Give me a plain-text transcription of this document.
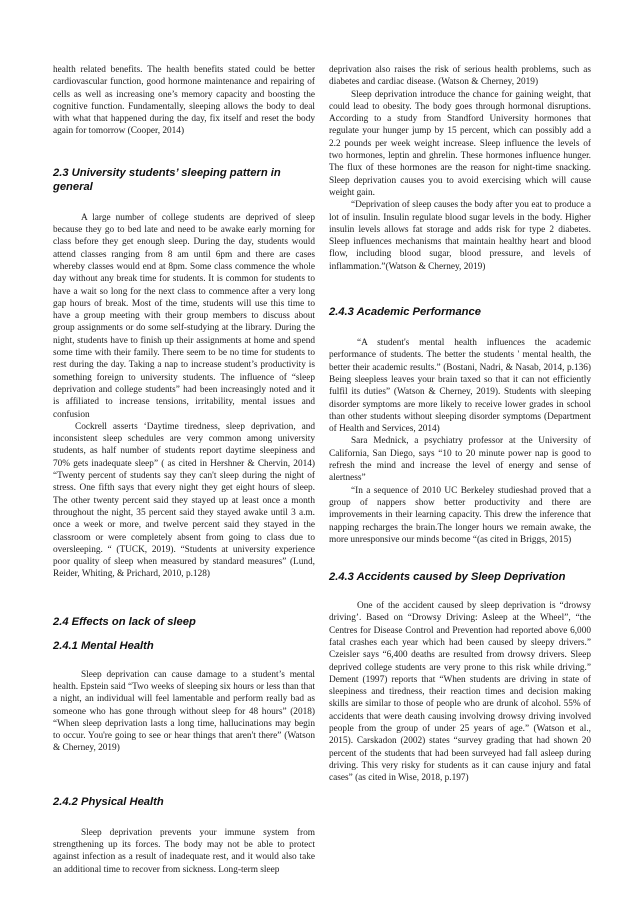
health related benefits. The health benefits stated could be better cardiovascular function, good hormone maintenance and repairing of cells as well as increasing one’s memory capacity and boosting the cognitive function. Fundamentally, sleeping allows the body to deal with what that happened during the day, fix itself and reset the body again for tomorrow (Cooper, 2014)

2.3 University students’ sleeping pattern in general

A large number of college students are deprived of sleep because they go to bed late and need to be awake early morning for class before they get enough sleep. During the day, students would attend classes ranging from 8 am until 6pm and there are cases whereby classes would end at 8pm. Some class commence the whole day without any break time for students. It is common for students to have a wait so long for the next class to commence after a very long gap hours of break. Most of the time, students will use this time to have a group meeting with their group members to discuss about group assignments or do some self-studying at the library. During the night, students have to finish up their assignments at home and spend some time with their family. There seem to be no time for students to rest during the day. Taking a nap to increase student’s productivity is something foreign to university students. The influence of “sleep deprivation and college students” had been increasingly noted and it is affiliated to increase tensions, irritability, mental issues and confusion

Cockrell asserts ‘Daytime tiredness, sleep deprivation, and inconsistent sleep schedules are very common among university students, as half number of students report daytime sleepiness and 70% gets inadequate sleep” ( as cited in Hershner & Chervin, 2014) “Twenty percent of students say they can't sleep during the night of stress. One fifth says that every night they get eight hours of sleep. The other twenty percent said they stayed up at least once a month throughout the night, 35 percent said they stayed awake until 3 a.m. once a week or more, and twelve percent said they stayed in the classroom or were completely absent from going to class due to oversleeping. “ (TUCK, 2019). “Students at university experience poor quality of sleep when measured by standard measures” (Lund, Reider, Whiting, & Prichard, 2010, p.128)

2.4 Effects on lack of sleep
2.4.1 Mental Health

Sleep deprivation can cause damage to a student’s mental health. Epstein said “Two weeks of sleeping six hours or less than that a night, an individual will feel lamentable and perform really bad as someone who has gone through without sleep for 48 hours” (2018) “When sleep deprivation lasts a long time, hallucinations may begin to occur. You're going to see or hear things that aren't there” (Watson & Cherney, 2019)

2.4.2 Physical Health

Sleep deprivation prevents your immune system from strengthening up its forces. The body may not be able to protect against infection as a result of inadequate rest, and it would also take an additional time to recover from sickness. Long-term sleep

deprivation also raises the risk of serious health problems, such as diabetes and cardiac disease. (Watson & Cherney, 2019)

Sleep deprivation introduce the chance for gaining weight, that could lead to obesity. The body goes through hormonal disruptions. According to a study from Standford University hormones that regulate your hunger jump by 15 percent, which can possibly add a 2.2 pounds per week weight increase. Sleep influence the levels of two hormones, leptin and ghrelin. These hormones influence hunger. The flux of these hormones are the reason for night-time snacking. Sleep deprivation causes you to avoid exercising which will cause weight gain.

“Deprivation of sleep causes the body after you eat to produce a lot of insulin. Insulin regulate blood sugar levels in the body. Higher insulin levels allows fat storage and adds risk for type 2 diabetes. Sleep influences mechanisms that maintain healthy heart and blood flow, including blood sugar, blood pressure, and levels of inflammation.”(Watson & Cherney, 2019)

2.4.3 Academic Performance

“A student's mental health influences the academic performance of students. The better the students ' mental health, the better their academic results.” (Bostani, Nadri, & Nasab, 2014, p.136) Being sleepless leaves your brain taxed so that it can not efficiently fulfil its duties” (Watson & Cherney, 2019). Students with sleeping disorder symptoms are more likely to receive lower grades in school than other students without sleeping disorder symptoms (Department of Health and Services, 2014)

Sara Mednick, a psychiatry professor at the University of California, San Diego, says “10 to 20 minute power nap is good to refresh the mind and increase the level of energy and sense of alertness”

“In a sequence of 2010 UC Berkeley studieshad proved that a group of nappers show better productivity and there are improvements in their learning capacity. This drew the inference that napping recharges the brain.The longer hours we remain awake, the more unresponsive our minds become “(as cited in Briggs, 2015)

2.4.3 Accidents caused by Sleep Deprivation

One of the accident caused by sleep deprivation is “drowsy driving’. Based on “Drowsy Driving: Asleep at the Wheel”, “the Centres for Disease Control and Prevention had reported above 6,000 fatal crashes each year which had been caused by sleepy drivers.” Czeisler says “6,400 deaths are resulted from drowsy drivers. Sleep deprived college students are very prone to this risk while driving.” Dement (1997) reports that “When students are driving in state of sleepiness and tiredness, their reaction times and decision making skills are similar to those of people who are drunk of alcohol. 55% of accidents that were death causing involving drowsy driving involved people from the group of under 25 years of age.” (Watson et al., 2015). Carskadon (2002) states “survey grading that had shown 20 percent of the students that had been surveyed had fall asleep during driving. This very risky for students as it can cause injury and fatal cases” (as cited in Wise, 2018, p.197)
